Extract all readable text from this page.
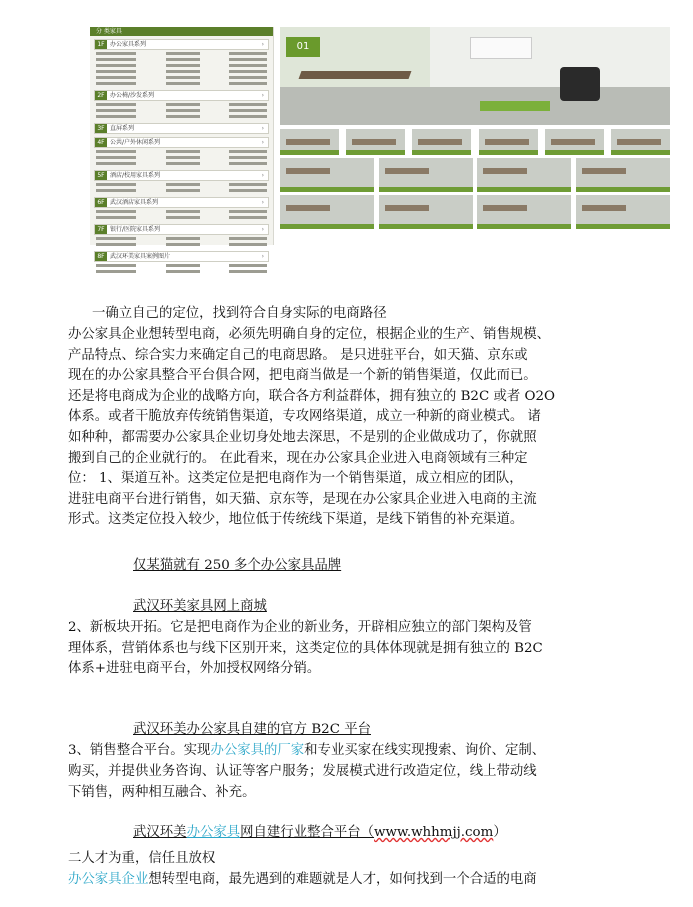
分 类家具
1F 办公家具系列	›
2F 办公椅/沙发系列	›
3F 直屏系列	›
4F 公共/户外休闲系列	›
5F 酒店/校用家具系列	›
6F 武汉酒店家具系列	›
7F 银行/医院家具系列	›
8F 武汉环美家具案例图片	›
01

一确立自己的定位，找到符合自身实际的电商路径

办公家具企业想转型电商，必须先明确自身的定位，根据企业的生产、销售规模、

产品特点、综合实力来确定自己的电商思路。 是只进驻平台，如天猫、京东或

现在的办公家具整合平台俱合网，把电商当做是一个新的销售渠道，仅此而已。

还是将电商成为企业的战略方向，联合各方利益群体，拥有独立的 B2C 或者 O2O

体系。或者干脆放弃传统销售渠道，专攻网络渠道，成立一种新的商业模式。 诸

如种种，都需要办公家具企业切身处地去深思，不是别的企业做成功了，你就照

搬到自己的企业就行的。 在此看来，现在办公家具企业进入电商领域有三种定

位： 1、渠道互补。这类定位是把电商作为一个销售渠道，成立相应的团队，

进驻电商平台进行销售，如天猫、京东等，是现在办公家具企业进入电商的主流

形式。这类定位投入较少，地位低于传统线下渠道，是线下销售的补充渠道。

仅某猫就有 250 多个办公家具品牌

武汉环美家具网上商城

2、新板块开拓。它是把电商作为企业的新业务，开辟相应独立的部门架构及管

理体系，营销体系也与线下区别开来，这类定位的具体体现就是拥有独立的 B2C

体系+进驻电商平台，外加授权网络分销。

武汉环美办公家具自建的官方 B2C 平台

3、销售整合平台。实现办公家具的厂家和专业买家在线实现搜索、询价、定制、

购买，并提供业务咨询、认证等客户服务；发展模式进行改造定位，线上带动线

下销售，两种相互融合、补充。

武汉环美办公家具网自建行业整合平台（www.whhmjj.com）

二人才为重，信任且放权

办公家具企业想转型电商，最先遇到的难题就是人才，如何找到一个合适的电商
